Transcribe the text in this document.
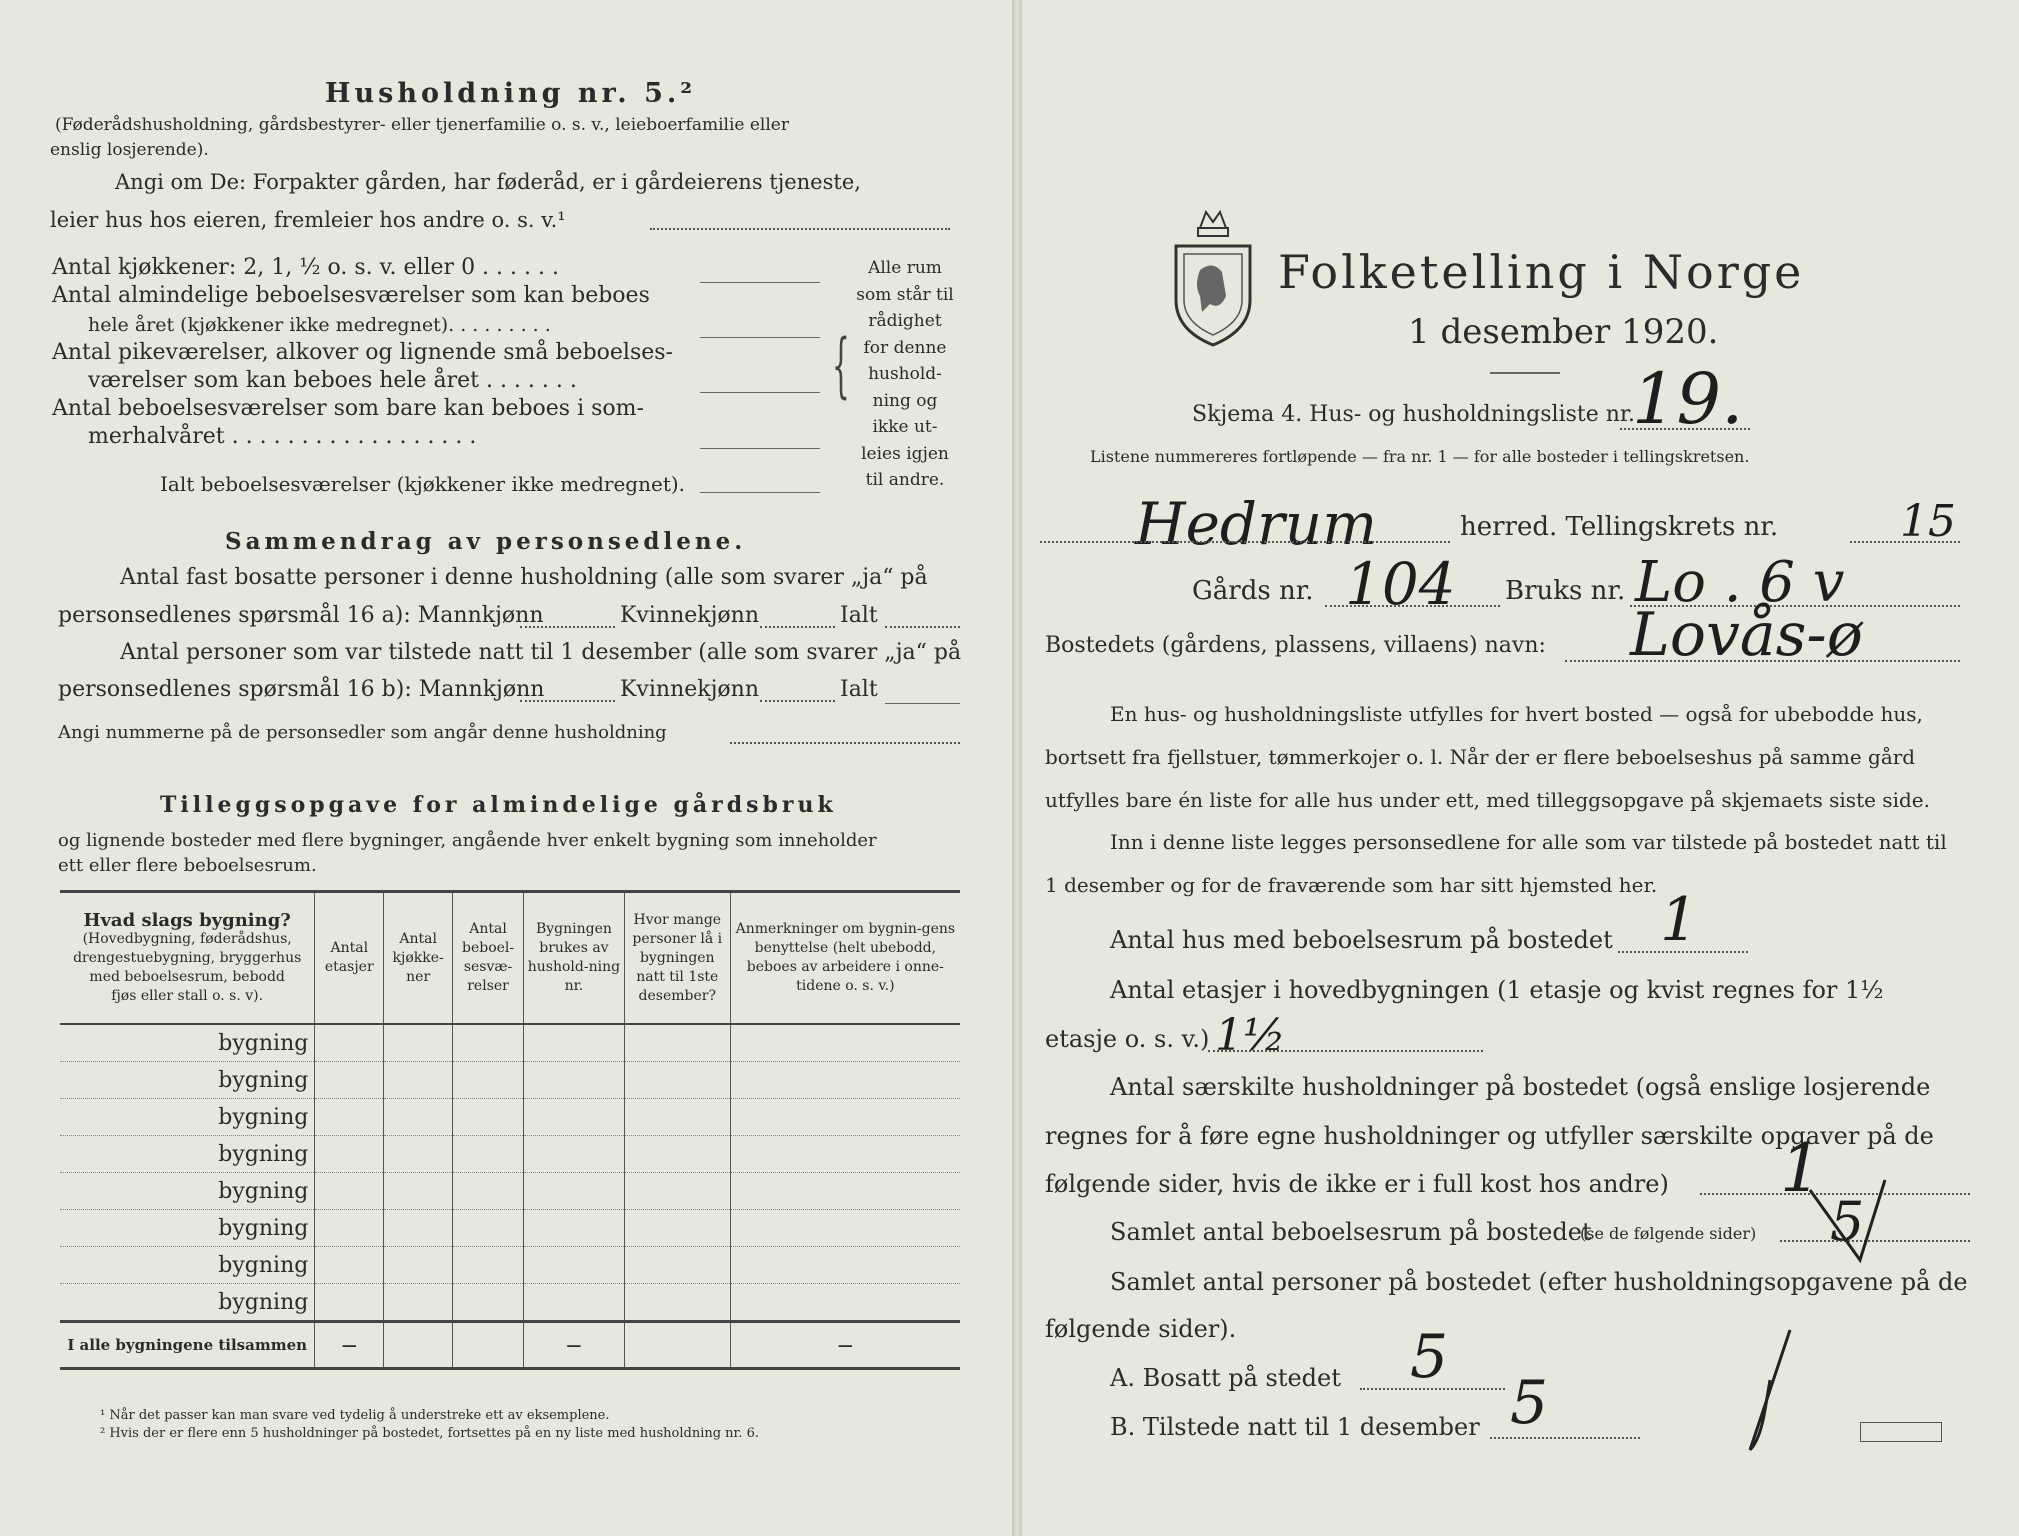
Husholdning nr. 5.²
(Føderådshusholdning, gårdsbestyrer- eller tjenerfamilie o. s. v., leieboerfamilie eller
enslig losjerende).
Angi om De: Forpakter gården, har føderåd, er i gårdeierens tjeneste,
leier hus hos eieren, fremleier hos andre o. s. v.¹
Antal kjøkkener: 2, 1, ½ o. s. v. eller 0 . . . . . .
Antal almindelige beboelsesværelser som kan beboes
hele året (kjøkkener ikke medregnet). . . . . . . . .
Antal pikeværelser, alkover og lignende små beboelses-
værelser som kan beboes hele året . . . . . . .
Antal beboelsesværelser som bare kan beboes i som-
merhalvåret . . . . . . . . . . . . . . . . . .
{
Alle rum
som står til
rådighet
for denne
hushold-
ning og
ikke ut-
leies igjen
til andre.
Ialt beboelsesværelser (kjøkkener ikke medregnet).
Sammendrag av personsedlene.
Antal fast bosatte personer i denne husholdning (alle som svarer „ja“ på
personsedlenes spørsmål 16 a): Mannkjønn	Kvinnekjønn	Ialt
Antal personer som var tilstede natt til 1 desember (alle som svarer „ja“ på
personsedlenes spørsmål 16 b): Mannkjønn	Kvinnekjønn	Ialt
Angi nummerne på de personsedler som angår denne husholdning
Tilleggsopgave for almindelige gårdsbruk
og lignende bosteder med flere bygninger, angående hver enkelt bygning som inneholder
ett eller flere beboelsesrum.
Hvad slags bygning?
(Hovedbygning, føderådshus,
drengestuebygning, bryggerhus
med beboelsesrum, bebodd
fjøs eller stall o. s. v).	Antal etasjer	Antal kjøkke-ner	Antal beboel-sesvæ-relser	Bygningen brukes av hushold-ning nr.	Hvor mange personer lå i bygningen natt til 1ste desember?	Anmerkninger om bygnin-gens benyttelse (helt ubebodd, beboes av arbeidere i onne-tidene o. s. v.)
bygning						
bygning						
bygning						
bygning						
bygning						
bygning						
bygning						
bygning						
I alle bygningene tilsammen	—			—		—
¹ Når det passer kan man svare ved tydelig å understreke ett av eksemplene.
² Hvis der er flere enn 5 husholdninger på bostedet, fortsettes på en ny liste med husholdning nr. 6.
Folketelling i Norge
1 desember 1920.
Skjema 4. Hus- og husholdningsliste nr.
19.
Listene nummereres fortløpende — fra nr. 1 — for alle bosteder i tellingskretsen.
Hedrum	herred. Tellingskrets nr.	15
Gårds nr. 104 Bruks nr. Lo . 6 v
Bostedets (gårdens, plassens, villaens) navn: Lovås-ø
En hus- og husholdningsliste utfylles for hvert bosted — også for ubebodde hus,
bortsett fra fjellstuer, tømmerkojer o. l. Når der er flere beboelseshus på samme gård
utfylles bare én liste for alle hus under ett, med tilleggsopgave på skjemaets siste side.
Inn i denne liste legges personsedlene for alle som var tilstede på bostedet natt til
1 desember og for de fraværende som har sitt hjemsted her.
Antal hus med beboelsesrum på bostedet 1
Antal etasjer i hovedbygningen (1 etasje og kvist regnes for 1½
etasje o. s. v.) 1½
Antal særskilte husholdninger på bostedet (også enslige losjerende
regnes for å føre egne husholdninger og utfyller særskilte opgaver på de
følgende sider, hvis de ikke er i full kost hos andre) 1
Samlet antal beboelsesrum på bostedet
(se de følgende sider) 5
Samlet antal personer på bostedet (efter husholdningsopgavene på de
følgende sider).
A. Bosatt på stedet 5
B. Tilstede natt til 1 desember 5
